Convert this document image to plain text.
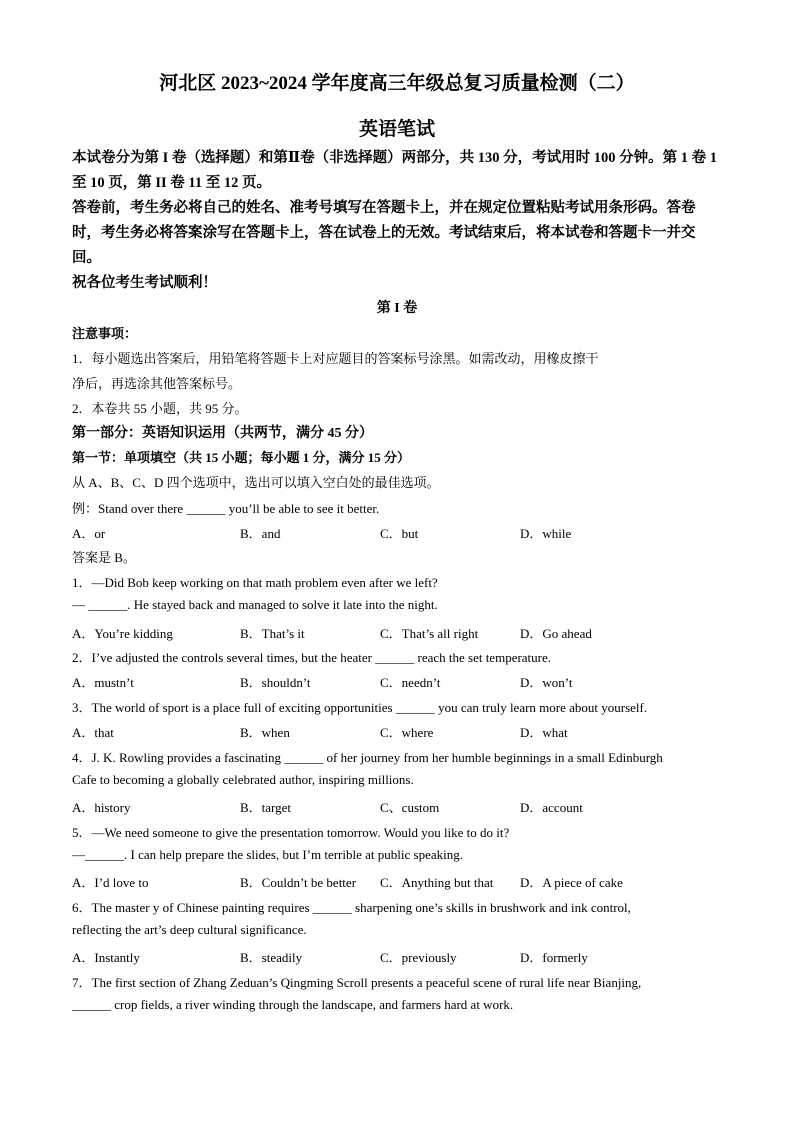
河北区 2023~2024 学年度高三年级总复习质量检测（二）
英语笔试

本试卷分为第 I 卷（选择题）和第Ⅱ卷（非选择题）两部分，共 130 分，考试用时 100 分钟。第 1 卷 1 至 10 页，第 II 卷 11 至 12 页。

答卷前，考生务必将自己的姓名、准考号填写在答题卡上，并在规定位置粘贴考试用条形码。答卷时，考生务必将答案涂写在答题卡上，答在试卷上的无效。考试结束后，将本试卷和答题卡一并交回。

祝各位考生考试顺利！

第 I 卷
注意事项：
1．每小题选出答案后，用铅笔将答题卡上对应题目的答案标号涂黑。如需改动，用橡皮擦干
净后，再选涂其他答案标号。
2．本卷共 55 小题，共 95 分。
第一部分：英语知识运用（共两节，满分 45 分）
第一节：单项填空（共 15 小题；每小题 1 分，满分 15 分）
从 A、B、C、D 四个选项中，选出可以填入空白处的最佳选项。
例：Stand over there ______ you’ll be able to see it better.
A．or	B．and	C．but	D．while
答案是 B。
1．—Did Bob keep working on that math problem even after we left?
— ______. He stayed back and managed to solve it late into the night.
A．You’re kidding	B．That’s it	C．That’s all right	D．Go ahead
2．I’ve adjusted the controls several times, but the heater ______ reach the set temperature.
A．mustn’t	B．shouldn’t	C．needn’t	D．won’t
3．The world of sport is a place full of exciting opportunities ______ you can truly learn more about yourself.
A．that	B．when	C．where	D．what
4．J. K. Rowling provides a fascinating ______ of her journey from her humble beginnings in a small Edinburgh
Cafe to becoming a globally celebrated author, inspiring millions.
A．history	B．target	C、custom	D．account
5．—We need someone to give the presentation tomorrow. Would you like to do it?
—______. I can help prepare the slides, but I’m terrible at public speaking.
A．I’d love to	B．Couldn’t be better C．Anything but that D．A piece of cake
6．The master y of Chinese painting requires ______ sharpening one’s skills in brushwork and ink control,
reflecting the art’s deep cultural significance.
A．Instantly	B．steadily	C．previously	D．formerly
7．The first section of Zhang Zeduan’s Qingming Scroll presents a peaceful scene of rural life near Bianjing,
______ crop fields, a river winding through the landscape, and farmers hard at work.
